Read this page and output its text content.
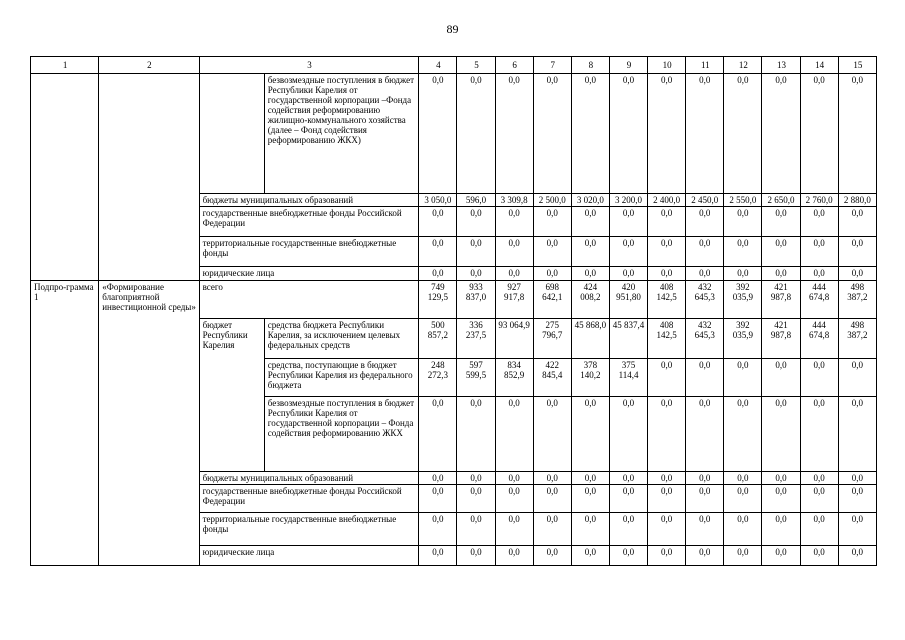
89
1	2	3		4	5	6	7	8	9	10	11	12	13	14	15
			безвозмездные поступления в бюджет Республики Карелия от государственной корпорации –Фонда содействия реформированию жилищно-коммунального хозяйства (далее – Фонд содействия реформированию ЖКХ)	0,0	0,0	0,0	0,0	0,0	0,0	0,0	0,0	0,0	0,0	0,0	0,0
		бюджеты муниципальных образований		3 050,0	596,0	3 309,8	2 500,0	3 020,0	3 200,0	2 400,0	2 450,0	2 550,0	2 650,0	2 760,0	2 880,0
		государственные внебюджетные фонды Российской Федерации		0,0	0,0	0,0	0,0	0,0	0,0	0,0	0,0	0,0	0,0	0,0	0,0
		территориальные государственные внебюджетные фонды		0,0	0,0	0,0	0,0	0,0	0,0	0,0	0,0	0,0	0,0	0,0	0,0
		юридические лица		0,0	0,0	0,0	0,0	0,0	0,0	0,0	0,0	0,0	0,0	0,0	0,0
Подпро-грамма 1	«Формирование благоприятной инвестиционной среды»	всего		749 129,5	933 837,0	927 917,8	698 642,1	424 008,2	420 951,80	408 142,5	432 645,3	392 035,9	421 987,8	444 674,8	498 387,2
		бюджет Республики Карелия	средства бюджета Республики Карелия, за исключением целевых федеральных средств	500 857,2	336 237,5	93 064,9	275 796,7	45 868,0	45 837,4	408 142,5	432 645,3	392 035,9	421 987,8	444 674,8	498 387,2
			средства, поступающие в бюджет Республики Карелия из федерального бюджета	248 272,3	597 599,5	834 852,9	422 845,4	378 140,2	375 114,4	0,0	0,0	0,0	0,0	0,0	0,0
			безвозмездные поступления в бюджет Республики Карелия от государственной корпорации – Фонда содействия реформированию ЖКХ	0,0	0,0	0,0	0,0	0,0	0,0	0,0	0,0	0,0	0,0	0,0	0,0
		бюджеты муниципальных образований		0,0	0,0	0,0	0,0	0,0	0,0	0,0	0,0	0,0	0,0	0,0	0,0
		государственные внебюджетные фонды Российской Федерации		0,0	0,0	0,0	0,0	0,0	0,0	0,0	0,0	0,0	0,0	0,0	0,0
		территориальные государственные внебюджетные фонды		0,0	0,0	0,0	0,0	0,0	0,0	0,0	0,0	0,0	0,0	0,0	0,0
		юридические лица		0,0	0,0	0,0	0,0	0,0	0,0	0,0	0,0	0,0	0,0	0,0	0,0
